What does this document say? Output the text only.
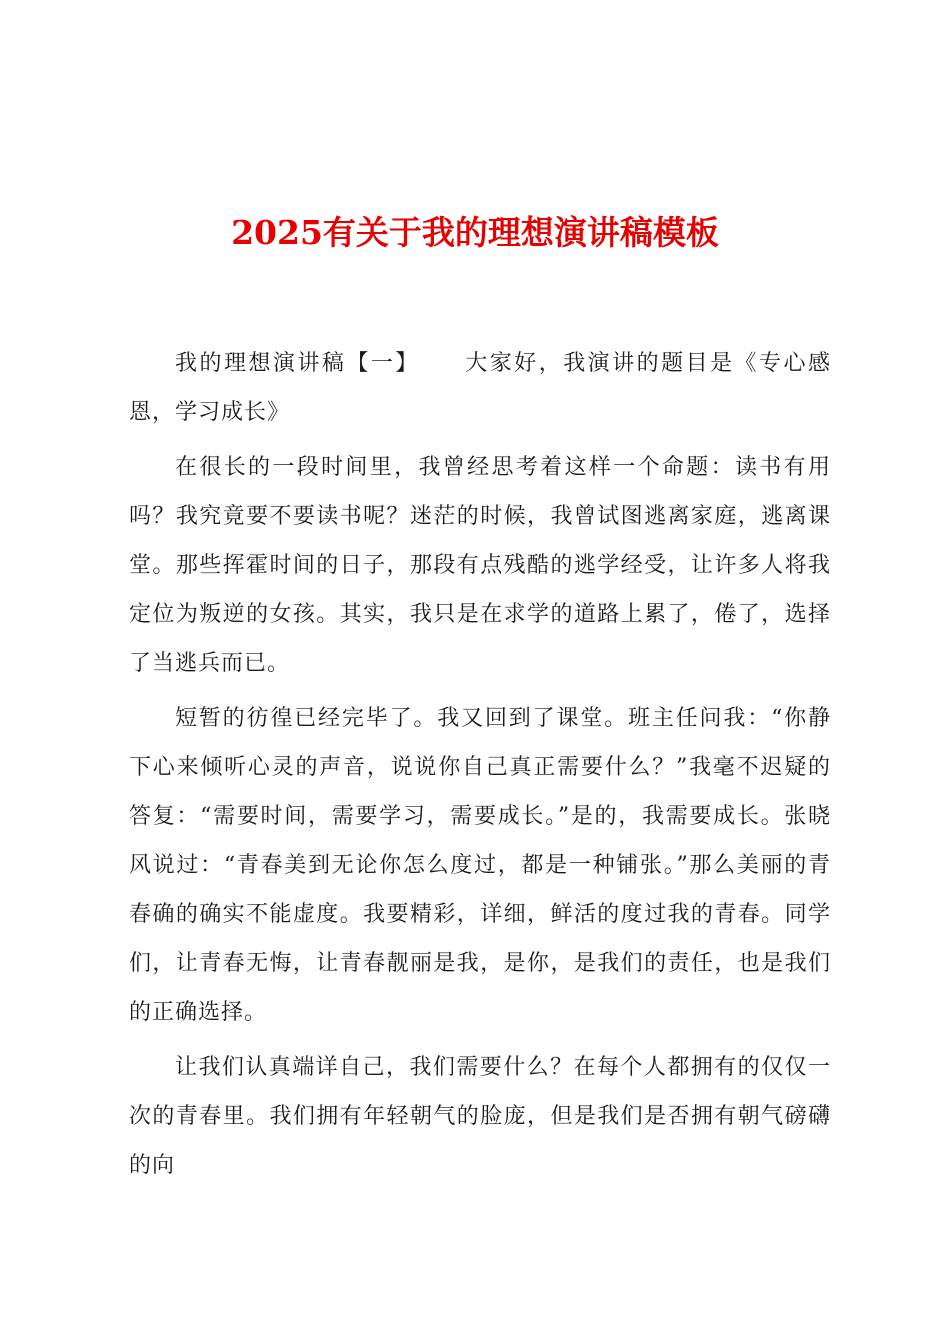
2025有关于我的理想演讲稿模板

我的理想演讲稿【一】 大家好，我演讲的题目是《专心感恩，学习成长》

在很长的一段时间里，我曾经思考着这样一个命题：读书有用吗？我究竟要不要读书呢？迷茫的时候，我曾试图逃离家庭，逃离课堂。那些挥霍时间的日子，那段有点残酷的逃学经受，让许多人将我定位为叛逆的女孩。其实，我只是在求学的道路上累了，倦了，选择了当逃兵而已。

短暂的彷徨已经完毕了。我又回到了课堂。班主任问我：“你静下心来倾听心灵的声音，说说你自己真正需要什么？”我毫不迟疑的答复：“需要时间，需要学习，需要成长。”是的，我需要成长。张晓风说过：“青春美到无论你怎么度过，都是一种铺张。”那么美丽的青春确的确实不能虚度。我要精彩，详细，鲜活的度过我的青春。同学们，让青春无悔，让青春靓丽是我，是你，是我们的责任，也是我们的正确选择。

让我们认真端详自己，我们需要什么？在每个人都拥有的仅仅一次的青春里。我们拥有年轻朝气的脸庞，但是我们是否拥有朝气磅礴的向
